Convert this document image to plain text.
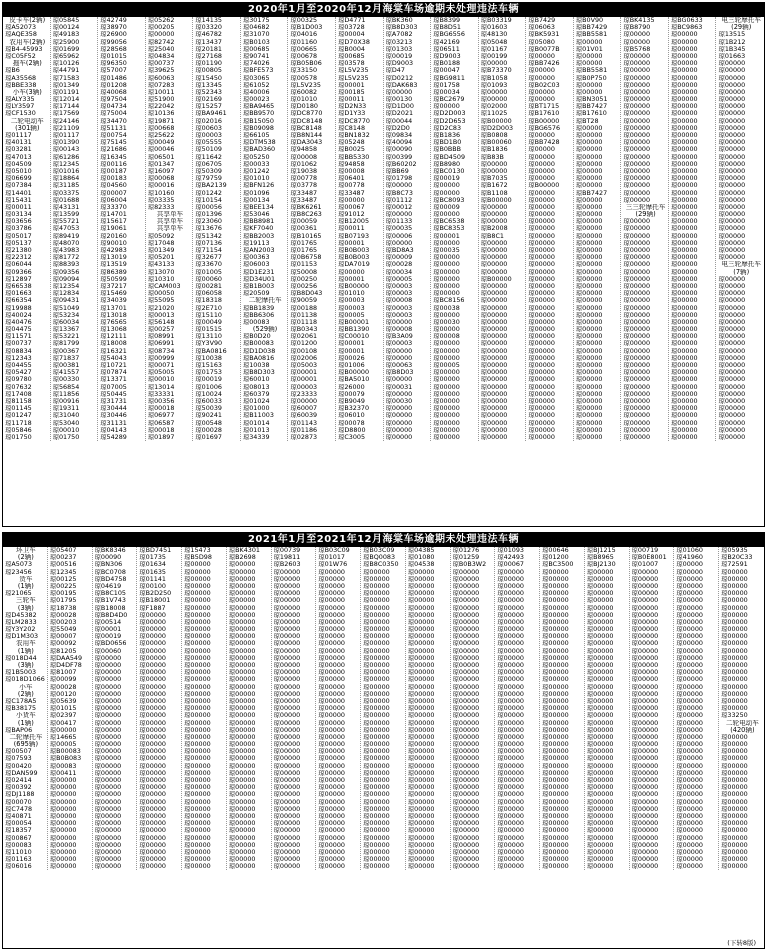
2020年1月至2020年12月海棠车场逾期未处理违法车辆
皮卡车(2辆)
琼A52073
琼AQE358
农用车(2辆)
琼B4-45993
琼C05F52
拖车(2辆)
琼B6
琼A35568
琼BBE338
小车(3辆)
琼ALY335
琼LY3597
琼CF1530
二轮电动车
(301辆)
琼01117
琼40131
琼03281
琼47013
琼04509
琼05010
琼06699
琼07384
琼14401
琼15431
琼00011
琼03134
琼03656
琼03786
琼05017
琼05137
琼21380
琼22312
琼06044
琼09366
琼12897
琼66538
琼01663
琼66354
琼19988
琼40024
琼40476
琼04475
琼11571
琼00737
琼08834
琼12343
琼04455
琼05427
琼09780
琼07632
琼17408
琼81158
琼01145
琼01247
琼11718
琼05846
琼01750
琼05845
琼00124
琼49183
琼25900
琼01699
琼65962
琼10126
琼44791
琼71583
琼01349
琼01191
琼12014
琼17144
琼17569
琼24146
琼21109
琼01117
琼01390
琼00143
琼61286
琼12345
琼01016
琼18864
琼31185
琼03375
琼01688
琼43131
琼13599
琼55721
琼47053
琼89419
琼48070
琼43983
琼81772
琼88393
琼09356
琼09094
琼12354
琼12834
琼09431
琼51049
琼53234
琼60034
琼13367
琼53221
琼81799
琼00367
琼71837
琼00381
琼41557
琼00330
琼56854
琼11856
琼00916
琼19311
琼31040
琼53040
琼00010
琼01750
琼42749
琼38970
琼26900
琼99056
琼28568
琼01015
琼96350
琼57007
琼01486
琼01208
琼40068
琼97504
琼04734
琼75004
琼34470
琼51131
琼00754
琼75145
琼21686
琼16345
琼00116
琼00187
琼00183
琼04560
琼00007
琼06004
琼33370
琼14701
琼15617
琼19061
琼20160
琼90010
琼42983
琼13019
琼13519
琼86389
琼50599
琼37217
琼15469
琼34039
琼13701
琼13018
琼76565
琼13068
琼12111
琼18008
琼16321
琼54043
琼10721
琼07874
琼13371
琼07005
琼50445
琼31731
琼30444
琼30446
琼31131
琼04143
琼54289
琼05262
琼00205
琼00000
琼82742
琼25040
琼04834
琼00737
琼39625
琼60063
琼07283
琼10011
琼51900
琼22042
琼10136
琼19871
琼00668
琼25622
琼00049
琼00046
琼06501
琼01347
琼16097
琼00068
琼00016
琼10160
琼03335
琼82333
共享单车
共享单车
共享单车
琼05092
琼17048
琼01349
琼05201
琼43133
琼13070
琼10310
琼CAM003
琼00050
琼55095
琼21020
琼00013
琼56148
琼00257
琼08991
琼06991
琼08734
琼00999
琼00071
琼05005
琼00010
琼13014
琼33331
琼00356
琼00018
琼06977
琼06587
琼00018
琼01897
琼14135
琼03320
琼46782
琼13437
琼20181
琼27168
琼01190
琼00805
琼15450
琼13345
琼52343
琼02169
琼15257
琼BA9461
琼02016
琼00603
琼00003
琼05555
琼50109
琼11642
琼06705
琼50309
琼79759
琼BA2139
琼01242
琼10154
琼00056
琼01396
琼23060
琼13676
琼51342
琼07136
琼71154
琼32677
琼33670
琼01005
琼00060
琼00281
琼06058
琼18318
琼2E710
琼15110
琼00049
琼01515
琼13110
琼Y3V90
琼BA0816
琼10038
琼15163
琼01753
琼00019
琼01006
琼10024
琼60033
琼50039
琼90241
琼00548
琼00028
琼01697
琼30175
琼04682
琼31070
琼B0103
琼00685
琼90741
琼74026
琼BFE573
琼03065
琼61052
琼40006
琼00023
琼BA9465
琼BB9570
琼B15050
琼B09098
琼66105
琼DTM538
琼BAD360
琼05250
琼00033
琼01242
琼01010
琼BFN126
琼01096
琼00134
琼BEE134
琼53046
琼BB8981
琼KF7040
琼BB2003
琼19113
琼AN2003
琼00363
琼06003
琼D1E231
琼D34U01
琼B1B003
琼20509
二轮摩托车
琼BB1839
琼BB6306
琼00083
(529辆)
琼B0D20
琼B00083
琼D1D038
琼BA0816
琼10038
琼B8D303
琼60010
琼08013
琼60379
琼01024
琼01000
琼B11003
琼01014
琼01013
琼34339
琼00325
琼B1D003
琼04016
琼01160
琼00665
琼00678
琼B05B06
琼33150
琼00578
琼L5V235
琼60082
琼01010
琼D0180
琼DC8770
琼DC8148
琼BC8148
琼B8N144
琼DA3043
琼94858
琼00008
琼01062
琼19038
琼00778
琼03778
琼33487
琼33487
琼BK6261
琼B8C263
琼00059
琼00361
琼B10165
琼01765
琼01765
琼0B6758
琼01153
琼50008
琼00250
琼00256
琼B8D043
琼90059
琼00188
琼01138
琼01118
琼B0343
琼02061
琼01200
琼00108
琼02006
琼05003
琼00001
琼00001
琼00003
琼23333
琼00000
琼60007
琼60039
琼01143
琼01186
琼02873
琼D4771
琼03728
琼00004
琼D70X38
琼B0004
琼00685
琼03578
琼L5V235
琼L5V235
琼00001
琼00185
琼00011
琼D2N33
琼D1Y33
琼DC8770
琼C8148
琼BN1832
琼05248
琼B0025
琼BB5330
琼94858
琼00008
琼06401
琼00778
琼33487
琼00000
琼00067
琼91012
琼B12005
琼00011
琼B07193
琼00001
琼B0B003
琼B0B003
琼DA7019
琼00000
琼00001
琼B00000
琼01010
琼00003
琼00003
琼00005
琼B00001
琼BB1390
琼C00010
琼00001
琼00001
琼00026
琼01006
琼B00000
琼BA5010
琼26000
琼00079
琼B9049
琼B32370
琼06010
琼00078
琼D8800
琼C3005
琼BK360
琼B8D303
琼A7082
琼03213
琼01303
琼00019
琼D9003
琼D47
琼D0212
琼DAK683
琼00000
琼00130
琼D1D00
琼D2021
琼00044
琼D2D0
琼09834
琼40094
琼00090
琼00399
琼B60202
琼BB69
琼01798
琼00000
琼B8C73
琼01112
琼00012
琼00000
琼01133
琼00035
琼00006
琼00000
琼BD8A3
琼00009
琼00028
琼00034
琼00005
琼00003
琼00003
琼00008
琼00003
琼00003
琼00000
琼00008
琼B3A09
琼00003
琼00000
琼00000
琼00063
琼B8D03
琼00000
琼00031
琼00000
琼00030
琼00000
琼00000
琼00000
琼00000
琼00000
琼B8399
琼B8D51
琼BG6556
琼42169
琼06511
琼D9003
琼B0188
琼00047
琼BG9811
琼01758
琼00034
琼BC2679
琼00000
琼D2D003
琼D2D653
琼D2C83
琼B1836
琼BD1B0
琼B0BBB
琼BD4509
琼B8980
琼BC0130
琼00019
琼00000
琼00000
琼BC8093
琼00009
琼00000
琼BC6538
琼BC8353
琼00001
琼00000
琼00035
琼00000
琼00000
琼00000
琼00000
琼00000
琼00000
琼BC8156
琼00038
琼00000
琼00030
琼00000
琼00008
琼00000
琼00000
琼00000
琼00005
琼00000
琼00000
琼00000
琼00000
琼00000
琼00000
琼00000
琼00000
琼00000
琼00000
琼B03319
琼01603
琼48130
琼05048
琼01167
琼00199
琼00000
琼B73370
琼B1058
琼01093
琼00000
琼00000
琼02000
琼11025
琼B00000
琼D2D003
琼B0808
琼B00060
琼B1836
琼B83B
琼00000
琼00000
琼B7035
琼B1672
琼B1108
琼B00000
琼00000
琼00000
琼00000
琼B2008
琼B8C1
琼00000
琼00000
琼00000
琼00000
琼00000
琼B00000
琼00000
琼00000
琼00000
琼00000
琼00000
琼00000
琼00000
琼00000
琼00000
琼00000
琼00000
琼00000
琼00000
琼00000
琼00000
琼00000
琼00000
琼00000
琼00000
琼00000
琼00000
琼00000
琼B7429
琼06063
琼BK5931
琼05080
琼B0077B
琼00000
琼BB7426
琼00000
琼00000
琼B02C03
琼00000
琼00000
琼BT1715
琼B17610
琼B00000
琼BG6576
琼00000
琼BB7428
琼00000
琼00000
琼00000
琼00000
琼00000
琼B00000
琼00000
琼00000
琼00000
琼00000
琼00000
琼00000
琼00000
琼00000
琼00000
琼00000
琼00000
琼00000
琼00000
琼00000
琼00000
琼00000
琼00000
琼00000
琼00000
琼00000
琼00000
琼00000
琼00000
琼00000
琼00000
琼00000
琼00000
琼00000
琼00000
琼00000
琼00000
琼00000
琼00000
琼00000
琼00000
琼B0V90
琼BB7429
琼BB5581
琼00000
琼01V01
琼00000
琼00000
琼BB5581
琼B0P750
琼00000
琼00000
琼BN3051
琼BB7427
琼B17610
琼BT28
琼00000
琼00000
琼00000
琼00000
琼00000
琼00000
琼00000
琼00000
琼00000
琼BB7427
琼00000
琼00000
琼00000
琼00000
琼00000
琼00000
琼00000
琼00000
琼00000
琼00000
琼00000
琼00000
琼00000
琼00000
琼00000
琼00000
琼00000
琼00000
琼00000
琼00000
琼00000
琼00000
琼00000
琼00000
琼00000
琼00000
琼00000
琼00000
琼00000
琼00000
琼00000
琼00000
琼00000
琼00000
琼BK4135
琼B8790
琼00000
琼00000
琼B5768
琼00000
琼00000
琼00000
琼00000
琼00000
琼00000
琼00000
琼00000
琼00000
琼00000
琼00000
琼00000
琼00000
琼00000
琼00000
琼00000
琼00000
琼00000
琼00000
琼00000
琼00000
三三轮摩托车
(29辆)
琼00000
琼00000
琼00000
琼00000
琼00000
琼00000
琼00000
琼00000
琼00000
琼00000
琼00000
琼00000
琼00000
琼00000
琼00000
琼00000
琼00000
琼00000
琼00000
琼00000
琼00000
琼00000
琼00000
琼00000
琼00000
琼00000
琼00000
琼00000
琼00000
琼00000
琼00000
琼BG0633
琼BC9863
琼00000
琼00000
琼00000
琼00000
琼00000
琼00000
琼00000
琼00000
琼00000
琼00000
琼00000
琼00000
琼00000
琼00000
琼00000
琼00000
琼00000
琼00000
琼00000
琼00000
琼00000
琼00000
琼00000
琼00000
琼00000
琼00000
琼00000
琼00000
琼00000
琼00000
琼00000
琼00000
琼00000
琼00000
琼00000
琼00000
琼00000
琼00000
琼00000
琼00000
琼00000
琼00000
琼00000
琼00000
琼00000
琼00000
琼00000
琼00000
琼00000
琼00000
琼00000
琼00000
琼00000
琼00000
琼00000
琼00000
琼00000
电三轮摩托车
(29辆)
琼13515
琼1B212
琼1B345
琼01663
琼00000
琼00000
琼00000
琼00000
琼00000
琼00000
琼00000
琼00000
琼00000
琼00000
琼00000
琼00000
琼00000
琼00000
琼00000
琼00000
琼00000
琼00000
琼00000
琼00000
琼00000
琼00000
琼00000
琼00000
琼00000
琼00000
琼00000
琼00000
电三轮摩托车
(7辆)
琼00000
琼00000
琼00000
琼00000
琼00000
琼00000
琼00000
琼00000
琼00000
琼00000
琼00000
琼00000
琼00000
琼00000
琼00000
琼00000
琼00000
琼00000
琼00000
琼00000
琼00000
琼00000
琼00000
2021年1月至2021年12月海棠车场逾期未处理违法车辆
环卫车
(2辆)
琼A5073
琼23456
货车
(1辆)
琼21065
三轮车
(3辆)
琼D45382
琼LM2833
琼Y3Y202
琼D1M303
农用车
(1辆)
琼018D44
(3辆)
琼1B5003
琼018D1066
小车
(2辆)
琼C178A5
琼B38175
小货车
(1辆)
琼BAP06
二轮摩托车
(695辆)
琼00507
琼07593
琼00420
琼DAN599
琼02414
琼00392
琼DJ1188
琼00070
琼C7478
琼40871
琼00054
琼18357
琼00867
琼00083
琼11010
琼01163
琼06016
琼05407
琼00237
琼00516
琼12345
琼00125
琼00225
琼00195
琼01795
琼18738
琼00028
琼00203
琼55049
琼00007
琼00092
琼81205
琼DAA549
琼D4DF78
琼81007
琼00099
琼00028
琼00120
琼05639
琼01015
琼02397
琼00417
琼00000
琼14665
琼00005
琼B00083
琼B0B083
琼00083
琼00411
琼00000
琼00000
琼00000
琼00000
琼00000
琼00000
琼00000
琼00000
琼00000
琼00000
琼00000
琼00000
琼00000
琼BK8346
琼00090
琼BN306
琼BC0708
琼BD4758
琼04619
琼B8C105
琼B1V743
琼B18008
琼B8D4D0
琼00514
琼00001
琼00019
琼BD0656
琼00060
琼00000
琼00000
琼00000
琼00000
琼00000
琼00000
琼00000
琼00000
琼00000
琼00000
琼00000
琼00000
琼00000
琼00000
琼00000
琼00000
琼00000
琼00000
琼00000
琼00000
琼00000
琼00000
琼00000
琼00000
琼00000
琼00000
琼00000
琼00000
琼00000
琼00000
琼BD7451
琼01735
琼01634
琼01635
琼01141
琼00100
琼B2D250
琼B18001
琼F1887
琼00000
琼00000
琼00000
琼00000
琼00000
琼00000
琼00000
琼00000
琼00000
琼00000
琼00000
琼00000
琼00000
琼00000
琼00000
琼00000
琼00000
琼00000
琼00000
琼00000
琼00000
琼00000
琼00000
琼00000
琼00000
琼00000
琼00000
琼00000
琼00000
琼00000
琼00000
琼00000
琼00000
琼00000
琼00000
琼00000
琼15473
琼B5D98
琼00000
琼00000
琼00000
琼00000
琼00000
琼00000
琼00000
琼00000
琼00000
琼00000
琼00000
琼00000
琼00000
琼00000
琼00000
琼00000
琼00000
琼00000
琼00000
琼00000
琼00000
琼00000
琼00000
琼00000
琼00000
琼00000
琼00000
琼00000
琼00000
琼00000
琼00000
琼00000
琼00000
琼00000
琼00000
琼00000
琼00000
琼00000
琼00000
琼00000
琼00000
琼00000
琼00000
琼BK4301
琼B2698
琼00000
琼00000
琼00000
琼00000
琼00000
琼00000
琼00000
琼00000
琼00000
琼00000
琼00000
琼00000
琼00000
琼00000
琼00000
琼00000
琼00000
琼00000
琼00000
琼00000
琼00000
琼00000
琼00000
琼00000
琼00000
琼00000
琼00000
琼00000
琼00000
琼00000
琼00000
琼00000
琼00000
琼00000
琼00000
琼00000
琼00000
琼00000
琼00000
琼00000
琼00000
琼00000
琼00000
琼00739
琼19811
琼B2603
琼00000
琼00000
琼00000
琼00000
琼00000
琼00000
琼00000
琼00000
琼00000
琼00000
琼00000
琼00000
琼00000
琼00000
琼00000
琼00000
琼00000
琼00000
琼00000
琼00000
琼00000
琼00000
琼00000
琼00000
琼00000
琼00000
琼00000
琼00000
琼00000
琼00000
琼00000
琼00000
琼00000
琼00000
琼00000
琼00000
琼00000
琼00000
琼00000
琼00000
琼00000
琼00000
琼B03C09
琼01017
琼01W76
琼00000
琼00000
琼00000
琼00000
琼00000
琼00000
琼00000
琼00000
琼00000
琼00000
琼00000
琼00000
琼00000
琼00000
琼00000
琼00000
琼00000
琼00000
琼00000
琼00000
琼00000
琼00000
琼00000
琼00000
琼00000
琼00000
琼00000
琼00000
琼00000
琼00000
琼00000
琼00000
琼00000
琼00000
琼00000
琼00000
琼00000
琼00000
琼00000
琼00000
琼00000
琼00000
琼B03C09
琼BQ0083
琼B8C0350
琼00000
琼00000
琼00000
琼00000
琼00000
琼00000
琼00000
琼00000
琼00000
琼00000
琼00000
琼00000
琼00000
琼00000
琼00000
琼00000
琼00000
琼00000
琼00000
琼00000
琼00000
琼00000
琼00000
琼00000
琼00000
琼00000
琼00000
琼00000
琼00000
琼00000
琼00000
琼00000
琼00000
琼00000
琼00000
琼00000
琼00000
琼00000
琼00000
琼00000
琼00000
琼00000
琼04385
琼01080
琼04538
琼00000
琼00000
琼00000
琼00000
琼00000
琼00000
琼00000
琼00000
琼00000
琼00000
琼00000
琼00000
琼00000
琼00000
琼00000
琼00000
琼00000
琼00000
琼00000
琼00000
琼00000
琼00000
琼00000
琼00000
琼00000
琼00000
琼00000
琼00000
琼00000
琼00000
琼00000
琼00000
琼00000
琼00000
琼00000
琼00000
琼00000
琼00000
琼00000
琼00000
琼00000
琼00000
琼01276
琼01259
琼B0B3W2
琼00000
琼00000
琼00000
琼00000
琼00000
琼00000
琼00000
琼00000
琼00000
琼00000
琼00000
琼00000
琼00000
琼00000
琼00000
琼00000
琼00000
琼00000
琼00000
琼00000
琼00000
琼00000
琼00000
琼00000
琼00000
琼00000
琼00000
琼00000
琼00000
琼00000
琼00000
琼00000
琼00000
琼00000
琼00000
琼00000
琼00000
琼00000
琼00000
琼00000
琼00000
琼00000
琼01093
琼42493
琼00067
琼00000
琼00000
琼00000
琼00000
琼00000
琼00000
琼00000
琼00000
琼00000
琼00000
琼00000
琼00000
琼00000
琼00000
琼00000
琼00000
琼00000
琼00000
琼00000
琼00000
琼00000
琼00000
琼00000
琼00000
琼00000
琼00000
琼00000
琼00000
琼00000
琼00000
琼00000
琼00000
琼00000
琼00000
琼00000
琼00000
琼00000
琼00000
琼00000
琼00000
琼00000
琼00000
琼00646
琼01200
琼BC3500
琼00000
琼00000
琼00000
琼00000
琼00000
琼00000
琼00000
琼00000
琼00000
琼00000
琼00000
琼00000
琼00000
琼00000
琼00000
琼00000
琼00000
琼00000
琼00000
琼00000
琼00000
琼00000
琼00000
琼00000
琼00000
琼00000
琼00000
琼00000
琼00000
琼00000
琼00000
琼00000
琼00000
琼00000
琼00000
琼00000
琼00000
琼00000
琼00000
琼00000
琼00000
琼00000
琼BJ1215
琼B8965
琼BJ2130
琼00000
琼00000
琼00000
琼00000
琼00000
琼00000
琼00000
琼00000
琼00000
琼00000
琼00000
琼00000
琼00000
琼00000
琼00000
琼00000
琼00000
琼00000
琼00000
琼00000
琼00000
琼00000
琼00000
琼00000
琼00000
琼00000
琼00000
琼00000
琼00000
琼00000
琼00000
琼00000
琼00000
琼00000
琼00000
琼00000
琼00000
琼00000
琼00000
琼00000
琼00000
琼00000
琼00719
琼B0E8001
琼01007
琼00000
琼00000
琼00000
琼00000
琼00000
琼00000
琼00000
琼00000
琼00000
琼00000
琼00000
琼00000
琼00000
琼00000
琼00000
琼00000
琼00000
琼00000
琼00000
琼00000
琼00000
琼00000
琼00000
琼00000
琼00000
琼00000
琼00000
琼00000
琼00000
琼00000
琼00000
琼00000
琼00000
琼00000
琼00000
琼00000
琼00000
琼00000
琼00000
琼00000
琼00000
琼00000
琼01060
琼41960
琼00000
琼00000
琼00000
琼00000
琼00000
琼00000
琼00000
琼00000
琼00000
琼00000
琼00000
琼00000
琼00000
琼00000
琼00000
琼00000
琼00000
琼00000
琼00000
琼00000
琼00000
琼00000
琼00000
琼00000
琼00000
琼00000
琼00000
琼00000
琼00000
琼00000
琼00000
琼00000
琼00000
琼00000
琼00000
琼00000
琼00000
琼00000
琼00000
琼00000
琼00000
琼00000
琼00000
琼05935
琼B20C33
琼72591
琼00000
琼00000
琼00000
琼00000
琼00000
琼00000
琼00000
琼00000
琼00000
琼00000
琼00000
琼00000
琼00000
琼00000
琼00000
琼00000
琼00000
琼00000
琼00000
琼00000
琼33250
二轮电动车
(420辆)
琼00000
琼00000
琼00000
琼00000
琼00000
琼00000
琼00000
琼00000
琼00000
琼00000
琼00000
琼00000
琼00000
琼00000
琼00000
琼00000
琼00000
琼00000
琼00000
(下转8版)
